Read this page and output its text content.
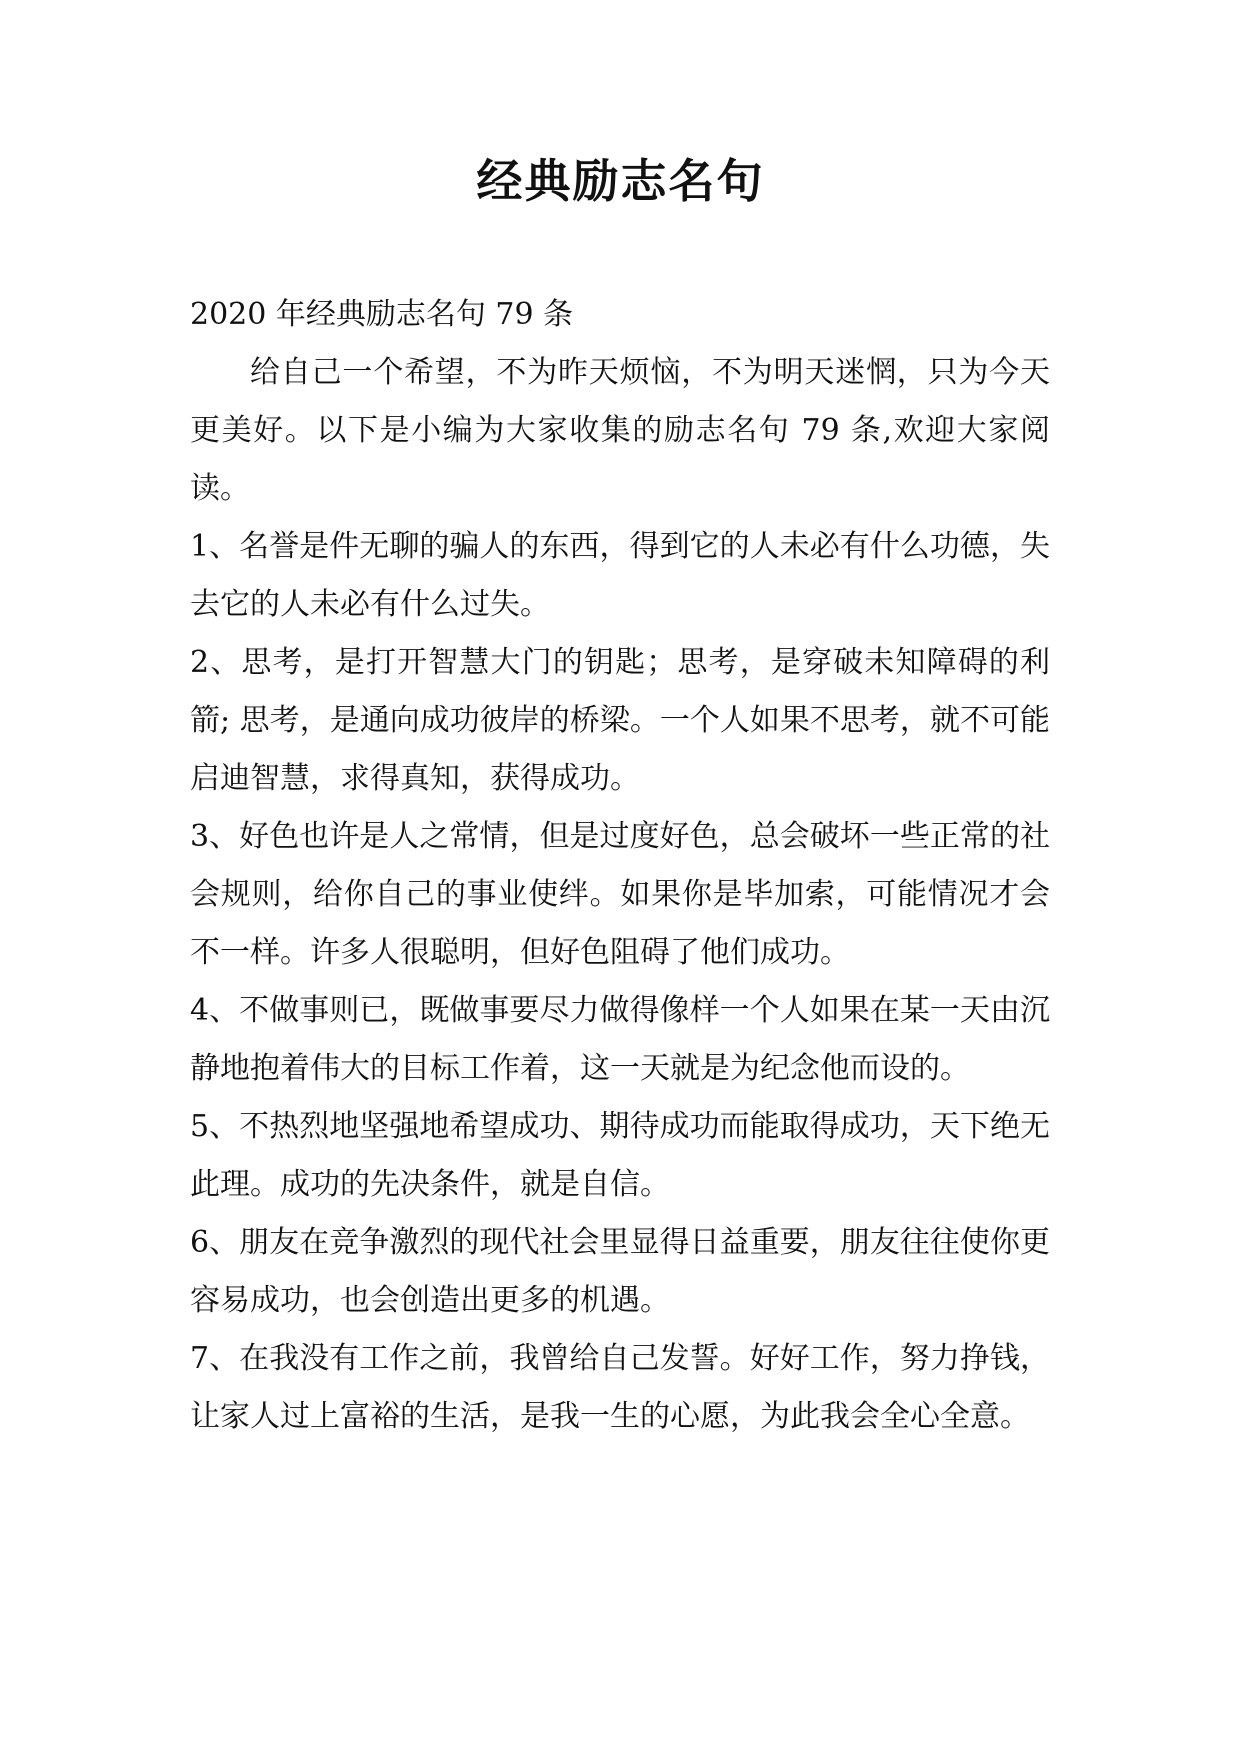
经典励志名句

2020 年经典励志名句 79 条

给自己一个希望，不为昨天烦恼，不为明天迷惘，只为今天更美好。以下是小编为大家收集的励志名句 79 条,欢迎大家阅读。

1、名誉是件无聊的骗人的东西，得到它的人未必有什么功德，失去它的人未必有什么过失。

2、思考，是打开智慧大门的钥匙；思考，是穿破未知障碍的利箭; 思考，是通向成功彼岸的桥梁。一个人如果不思考，就不可能启迪智慧，求得真知，获得成功。

3、好色也许是人之常情，但是过度好色，总会破坏一些正常的社会规则，给你自己的事业使绊。如果你是毕加索，可能情况才会不一样。许多人很聪明，但好色阻碍了他们成功。

4、不做事则已，既做事要尽力做得像样一个人如果在某一天由沉静地抱着伟大的目标工作着，这一天就是为纪念他而设的。

5、不热烈地坚强地希望成功、期待成功而能取得成功，天下绝无此理。成功的先决条件，就是自信。

6、朋友在竞争激烈的现代社会里显得日益重要，朋友往往使你更容易成功，也会创造出更多的机遇。

7、在我没有工作之前，我曾给自己发誓。好好工作，努力挣钱，让家人过上富裕的生活，是我一生的心愿，为此我会全心全意。
